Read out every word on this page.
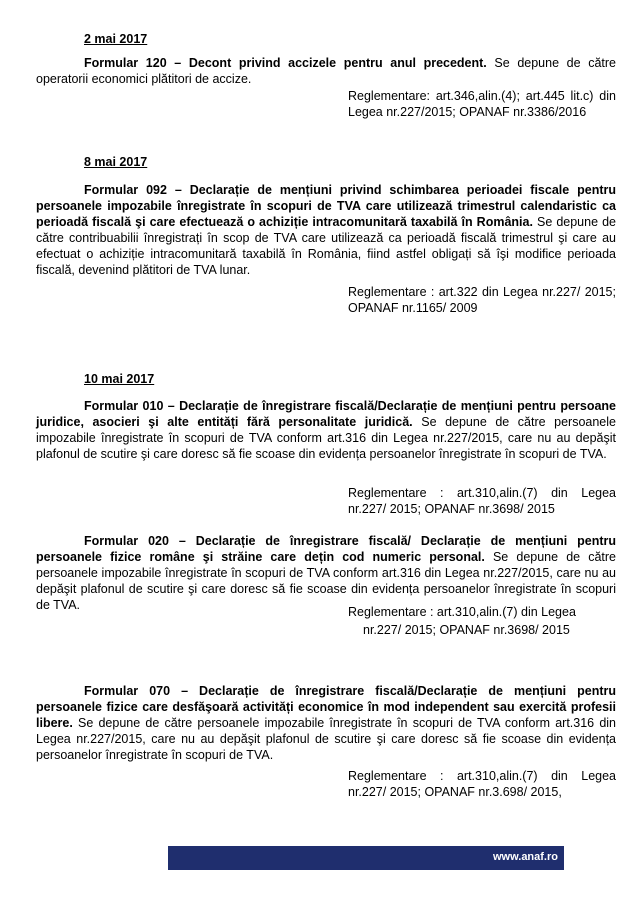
2 mai 2017
Formular 120 – Decont privind accizele pentru anul precedent. Se depune de către operatorii economici plătitori de accize.
Reglementare: art.346,alin.(4); art.445 lit.c) din Legea nr.227/2015; OPANAF nr.3386/2016
8 mai 2017
Formular 092 – Declarație de mențiuni privind schimbarea perioadei fiscale pentru persoanele impozabile înregistrate în scopuri de TVA care utilizează trimestrul calendaristic ca perioadă fiscală şi care efectuează o achiziție intracomunitară taxabilă în România. Se depune de către contribuabilii înregistrați în scop de TVA care utilizează ca perioadă fiscală trimestrul şi care au efectuat o achiziție intracomunitară taxabilă în România, fiind astfel obligați să îşi modifice perioada fiscală, devenind plătitori de TVA lunar.
Reglementare : art.322 din Legea nr.227/ 2015; OPANAF nr.1165/ 2009
10 mai 2017
Formular 010 – Declarație de înregistrare fiscală/Declarație de mențiuni pentru persoane juridice, asocieri şi alte entități fără personalitate juridică. Se depune de către persoanele impozabile înregistrate în scopuri de TVA conform art.316 din Legea nr.227/2015, care nu au depăşit plafonul de scutire şi care doresc să fie scoase din evidența persoanelor înregistrate în scopuri de TVA.
Reglementare : art.310,alin.(7) din Legea nr.227/ 2015; OPANAF nr.3698/ 2015
Formular 020 – Declarație de înregistrare fiscală/ Declarație de mențiuni pentru persoanele fizice române şi străine care dețin cod numeric personal. Se depune de către persoanele impozabile înregistrate în scopuri de TVA conform art.316 din Legea nr.227/2015, care nu au depăşit plafonul de scutire şi care doresc să fie scoase din evidența persoanelor înregistrate în scopuri de TVA.	Reglementare : art.310,alin.(7) din Legea
nr.227/ 2015; OPANAF nr.3698/ 2015
Formular 070 – Declarație de înregistrare fiscală/Declarație de mențiuni pentru persoanele fizice care desfăşoară activități economice în mod independent sau exercită profesii libere. Se depune de către persoanele impozabile înregistrate în scopuri de TVA conform art.316 din Legea nr.227/2015, care nu au depăşit plafonul de scutire şi care doresc să fie scoase din evidența persoanelor înregistrate în scopuri de TVA.
Reglementare : art.310,alin.(7) din Legea nr.227/ 2015; OPANAF nr.3.698/ 2015,
www.anaf.ro
